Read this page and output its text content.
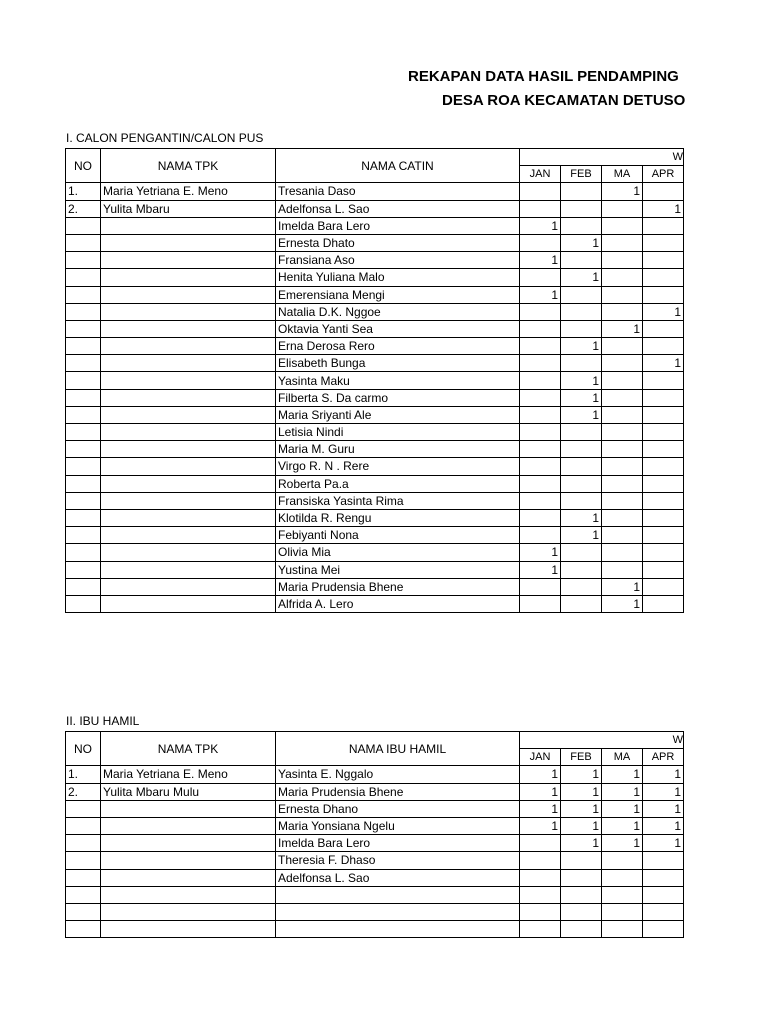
REKAPAN DATA HASIL PENDAMPING
DESA ROA KECAMATAN DETUSO
I. CALON PENGANTIN/CALON PUS
NO	NAMA TPK	NAMA CATIN	W			
			JAN	FEB	MA	APR
1.	Maria Yetriana E. Meno	Tresania Daso			1	
2.	Yulita Mbaru	Adelfonsa L. Sao				1
		Imelda Bara Lero	1			
		Ernesta Dhato		1		
		Fransiana Aso	1			
		Henita Yuliana Malo		1		
		Emerensiana Mengi	1			
		Natalia D.K. Nggoe				1
		Oktavia Yanti Sea			1	
		Erna Derosa Rero		1		
		Elisabeth Bunga				1
		Yasinta Maku		1		
		Filberta S. Da carmo		1		
		Maria Sriyanti Ale		1		
		Letisia Nindi				
		Maria M. Guru				
		Virgo R. N . Rere				
		Roberta Pa.a				
		Fransiska Yasinta Rima				
		Klotilda R. Rengu		1		
		Febiyanti Nona		1		
		Olivia Mia	1			
		Yustina Mei	1			
		Maria Prudensia Bhene			1	
		Alfrida A. Lero			1	
II. IBU HAMIL
NO	NAMA TPK	NAMA IBU HAMIL	W			
			JAN	FEB	MA	APR
1.	Maria Yetriana E. Meno	Yasinta E. Nggalo	1	1	1	1
2.	Yulita Mbaru Mulu	Maria Prudensia Bhene	1	1	1	1
		Ernesta Dhano	1	1	1	1
		Maria Yonsiana Ngelu	1	1	1	1
		Imelda Bara Lero		1	1	1
		Theresia F. Dhaso				
		Adelfonsa L. Sao				
